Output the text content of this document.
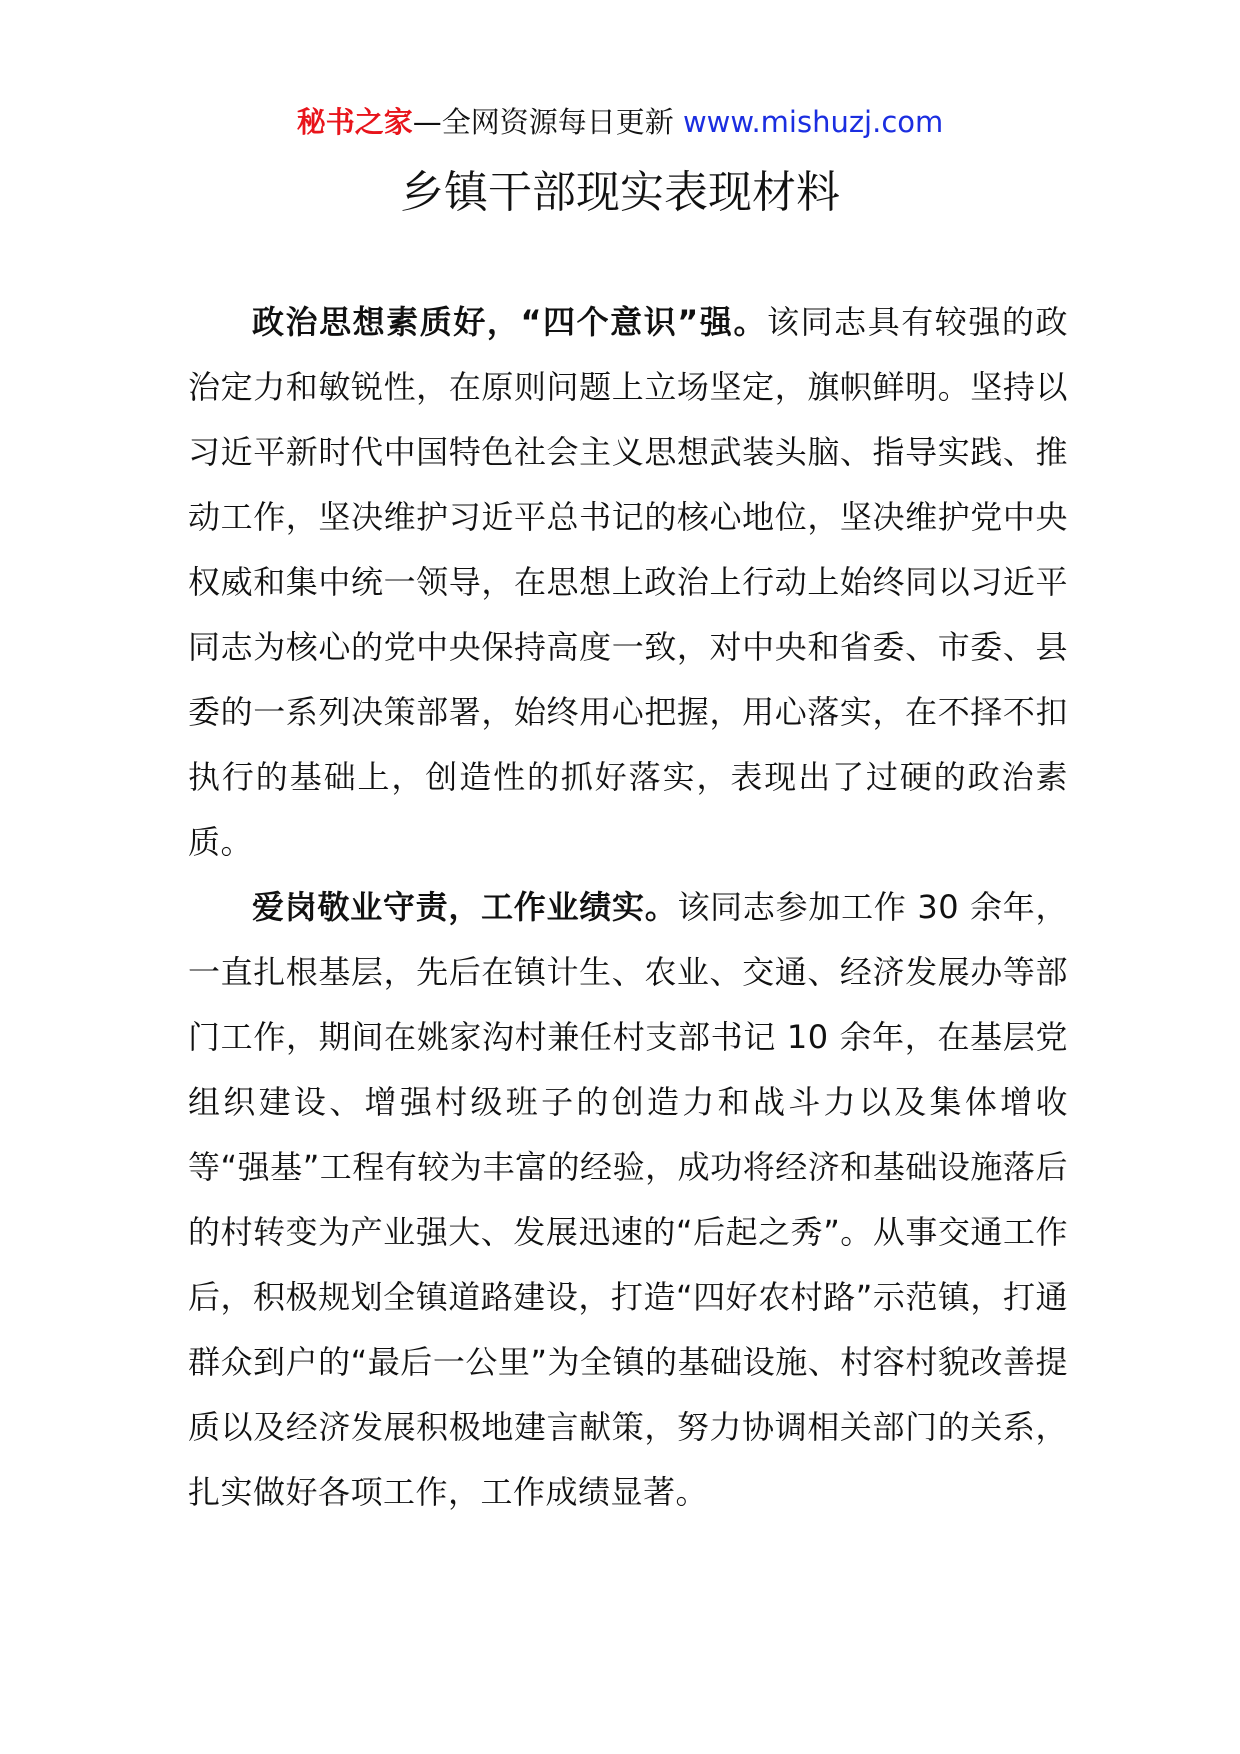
秘书之家—全网资源每日更新 www.mishuzj.com
乡镇干部现实表现材料

政治思想素质好，“四个意识”强。该同志具有较强的政治定力和敏锐性，在原则问题上立场坚定，旗帜鲜明。坚持以习近平新时代中国特色社会主义思想武装头脑、指导实践、推动工作，坚决维护习近平总书记的核心地位，坚决维护党中央权威和集中统一领导，在思想上政治上行动上始终同以习近平同志为核心的党中央保持高度一致，对中央和省委、市委、县委的一系列决策部署，始终用心把握，用心落实，在不择不扣执行的基础上，创造性的抓好落实，表现出了过硬的政治素质。

爱岗敬业守责，工作业绩实。该同志参加工作 30 余年，一直扎根基层，先后在镇计生、农业、交通、经济发展办等部门工作，期间在姚家沟村兼任村支部书记 10 余年，在基层党组织建设、增强村级班子的创造力和战斗力以及集体增收等“强基”工程有较为丰富的经验，成功将经济和基础设施落后的村转变为产业强大、发展迅速的“后起之秀”。从事交通工作后，积极规划全镇道路建设，打造“四好农村路”示范镇，打通群众到户的“最后一公里”为全镇的基础设施、村容村貌改善提质以及经济发展积极地建言献策，努力协调相关部门的关系，扎实做好各项工作，工作成绩显著。
